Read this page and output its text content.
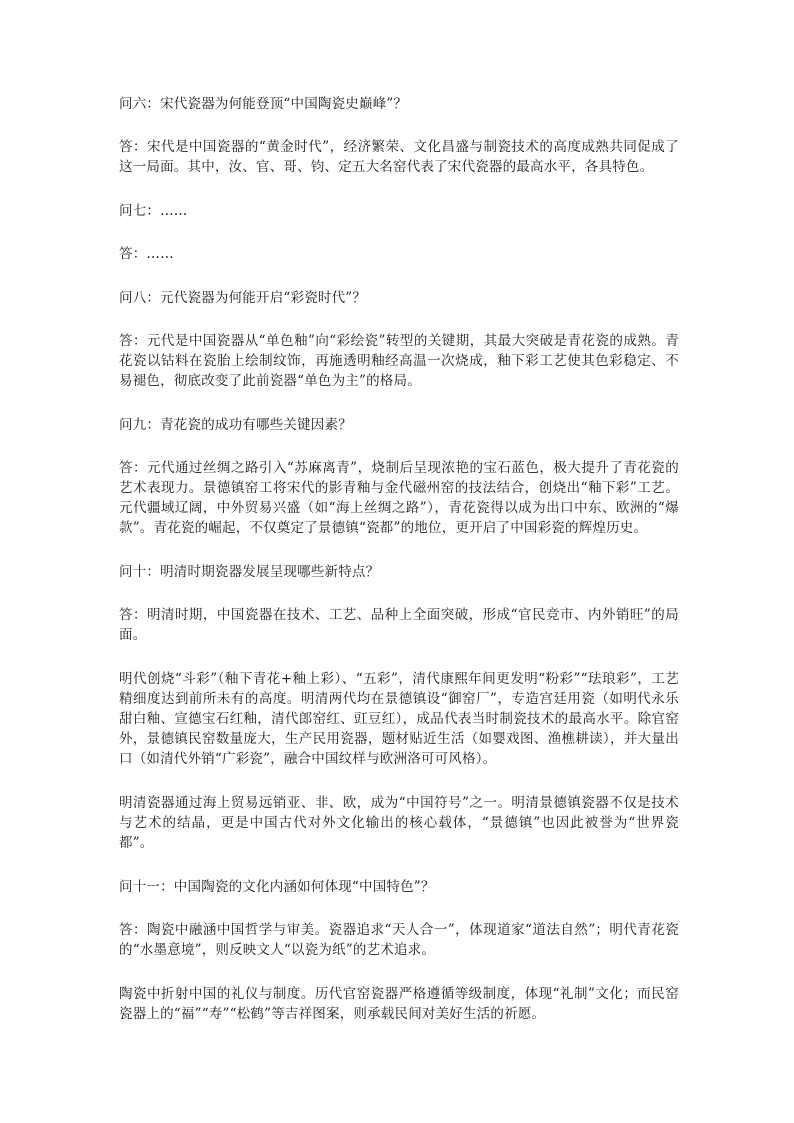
问六：宋代瓷器为何能登顶“中国陶瓷史巅峰”？

答：宋代是中国瓷器的“黄金时代”，经济繁荣、文化昌盛与制瓷技术的高度成熟共同促成了这一局面。其中，汝、官、哥、钧、定五大名窑代表了宋代瓷器的最高水平，各具特色。

问七：……

答：……

问八：元代瓷器为何能开启“彩瓷时代”？

答：元代是中国瓷器从“单色釉”向“彩绘瓷”转型的关键期，其最大突破是青花瓷的成熟。青花瓷以钴料在瓷胎上绘制纹饰，再施透明釉经高温一次烧成，釉下彩工艺使其色彩稳定、不易褪色，彻底改变了此前瓷器“单色为主”的格局。

问九：青花瓷的成功有哪些关键因素？

答：元代通过丝绸之路引入“苏麻离青”，烧制后呈现浓艳的宝石蓝色，极大提升了青花瓷的艺术表现力。景德镇窑工将宋代的影青釉与金代磁州窑的技法结合，创烧出“釉下彩”工艺。元代疆域辽阔，中外贸易兴盛（如“海上丝绸之路”），青花瓷得以成为出口中东、欧洲的“爆款”。青花瓷的崛起，不仅奠定了景德镇“瓷都”的地位，更开启了中国彩瓷的辉煌历史。

问十：明清时期瓷器发展呈现哪些新特点？

答：明清时期，中国瓷器在技术、工艺、品种上全面突破，形成“官民竞市、内外销旺”的局面。

明代创烧“斗彩”（釉下青花+釉上彩）、“五彩”，清代康熙年间更发明“粉彩”“珐琅彩”，工艺精细度达到前所未有的高度。明清两代均在景德镇设“御窑厂”，专造宫廷用瓷（如明代永乐甜白釉、宣德宝石红釉，清代郎窑红、豇豆红），成品代表当时制瓷技术的最高水平。除官窑外，景德镇民窑数量庞大，生产民用瓷器，题材贴近生活（如婴戏图、渔樵耕读），并大量出口（如清代外销“广彩瓷”，融合中国纹样与欧洲洛可可风格）。

明清瓷器通过海上贸易远销亚、非、欧，成为“中国符号”之一。明清景德镇瓷器不仅是技术与艺术的结晶，更是中国古代对外文化输出的核心载体，“景德镇”也因此被誉为“世界瓷都”。

问十一：中国陶瓷的文化内涵如何体现“中国特色”？

答：陶瓷中融涵中国哲学与审美。瓷器追求“天人合一”，体现道家“道法自然”；明代青花瓷的“水墨意境”，则反映文人“以瓷为纸”的艺术追求。

陶瓷中折射中国的礼仪与制度。历代官窑瓷器严格遵循等级制度，体现“礼制”文化；而民窑瓷器上的“福”“寿”“松鹤”等吉祥图案，则承载民间对美好生活的祈愿。
